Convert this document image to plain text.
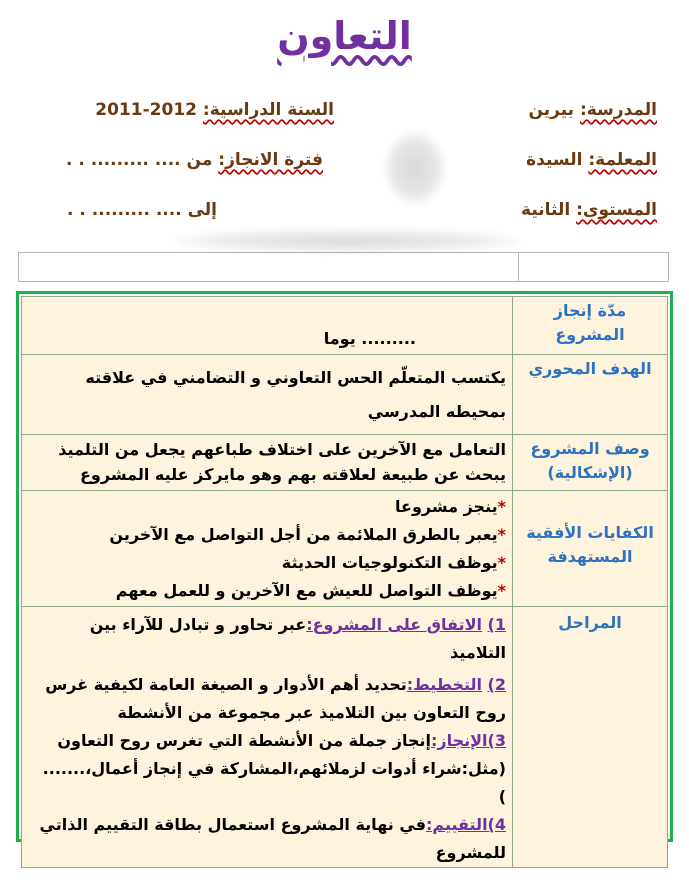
التعاون
المدرسة: بيرين
السنة الدراسية: 2012-2011
المعلمة: السيدة
فترة الانجاز: من .... ......... . .
المستوى: الثانية
إلى .... ......... . .
مدّة إنجاز المشروع	......... يوما
الهدف المحوري	يكتسب المتعلّم الحس التعاوني و التضامني في علاقته بمحيطه المدرسي
وصف المشروع (الإشكالية)	التعامل مع الآخرين على اختلاف طباعهم يجعل من التلميذ يبحث عن طبيعة لعلاقته بهم وهو مايركز عليه المشروع
الكفايات الأفقية المستهدفة	*ينجز مشروعا
*يعبر بالطرق الملائمة من أجل التواصل مع الآخرين
*يوظف التكنولوجيات الحديثة
*يوظف التواصل للعيش مع الآخرين و للعمل معهم

المراحل	1) الاتفاق على المشروع:عبر تحاور و تبادل للآراء بين التلاميذ
2) التخطيط:تحديد أهم الأدوار و الصيغة العامة لكيفية غرس روح التعاون بين التلاميذ عبر مجموعة من الأنشطة
3)الإنجاز:إنجاز جملة من الأنشطة التي تغرس روح التعاون (مثل:شراء أدوات لزملائهم،المشاركة في إنجاز أعمال،....... )
4)التقييم:في نهاية المشروع استعمال بطاقة التقييم الذاتي للمشروع
